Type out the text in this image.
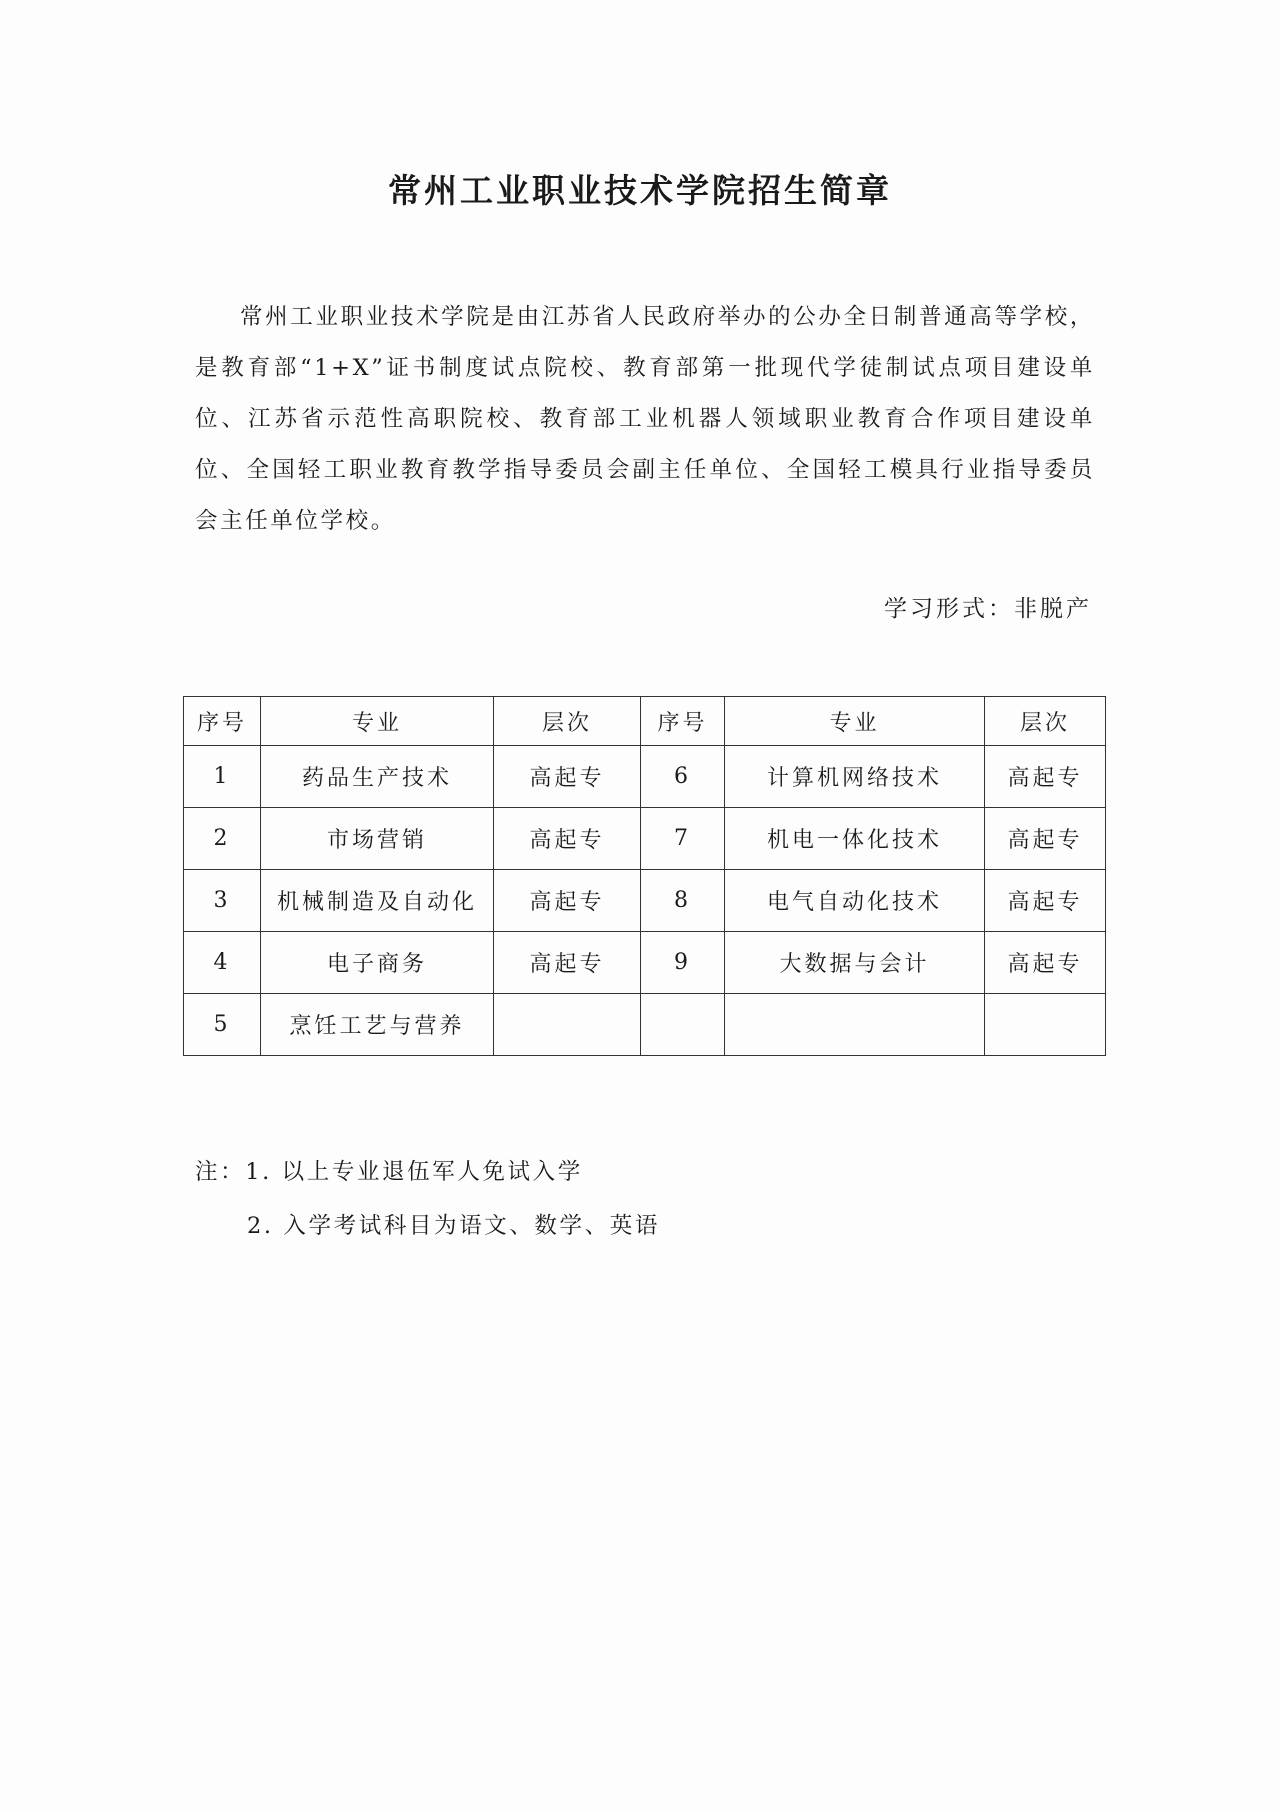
常州工业职业技术学院招生简章

常州工业职业技术学院是由江苏省人民政府举办的公办全日制普通高等学校，是教育部“1+X”证书制度试点院校、教育部第一批现代学徒制试点项目建设单位、江苏省示范性高职院校、教育部工业机器人领域职业教育合作项目建设单位、全国轻工职业教育教学指导委员会副主任单位、全国轻工模具行业指导委员会主任单位学校。

学习形式：非脱产
序号	专业	层次	序号	专业	层次
1	药品生产技术	高起专	6	计算机网络技术	高起专
2	市场营销	高起专	7	机电一体化技术	高起专
3	机械制造及自动化	高起专	8	电气自动化技术	高起专
4	电子商务	高起专	9	大数据与会计	高起专
5	烹饪工艺与营养				
注：1. 以上专业退伍军人免试入学
2. 入学考试科目为语文、数学、英语
